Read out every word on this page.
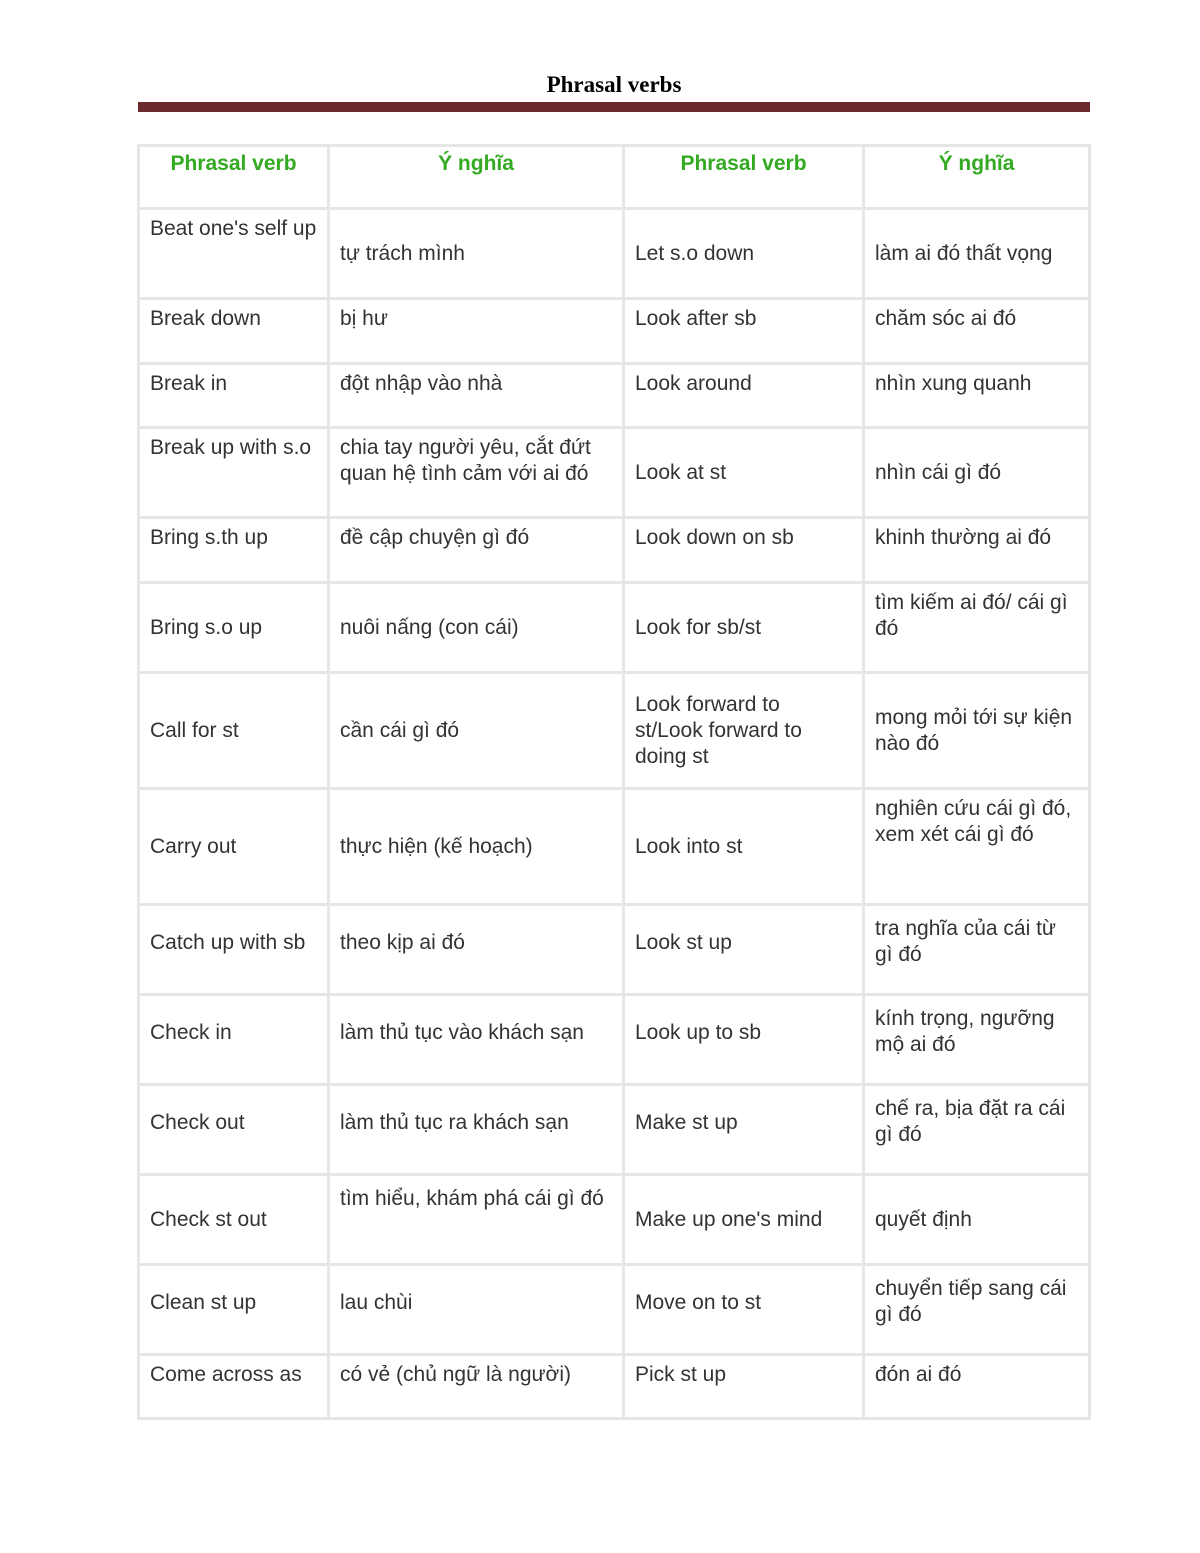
Phrasal verbs
Phrasal verb	Ý nghĩa	Phrasal verb	Ý nghĩa
Beat one's self up	tự trách mình	Let s.o down	làm ai đó thất vọng
Break down	bị hư	Look after sb	chăm sóc ai đó
Break in	đột nhập vào nhà	Look around	nhìn xung quanh
Break up with s.o	chia tay người yêu, cắt đứt quan hệ tình cảm với ai đó	Look at st	nhìn cái gì đó
Bring s.th up	đề cập chuyện gì đó	Look down on sb	khinh thường ai đó
Bring s.o up	nuôi nấng (con cái)	Look for sb/st	tìm kiếm ai đó/ cái gì đó
Call for st	cần cái gì đó	Look forward to st/Look forward to doing st	mong mỏi tới sự kiện nào đó
Carry out	thực hiện (kế hoạch)	Look into st	nghiên cứu cái gì đó, xem xét cái gì đó
Catch up with sb	theo kịp ai đó	Look st up	tra nghĩa của cái từ gì đó
Check in	làm thủ tục vào khách sạn	Look up to sb	kính trọng, ngưỡng mộ ai đó
Check out	làm thủ tục ra khách sạn	Make st up	chế ra, bịa đặt ra cái gì đó
Check st out	tìm hiểu, khám phá cái gì đó	Make up one's mind	quyết định
Clean st up	lau chùi	Move on to st	chuyển tiếp sang cái gì đó
Come across as	có vẻ (chủ ngữ là người)	Pick st up	đón ai đó
